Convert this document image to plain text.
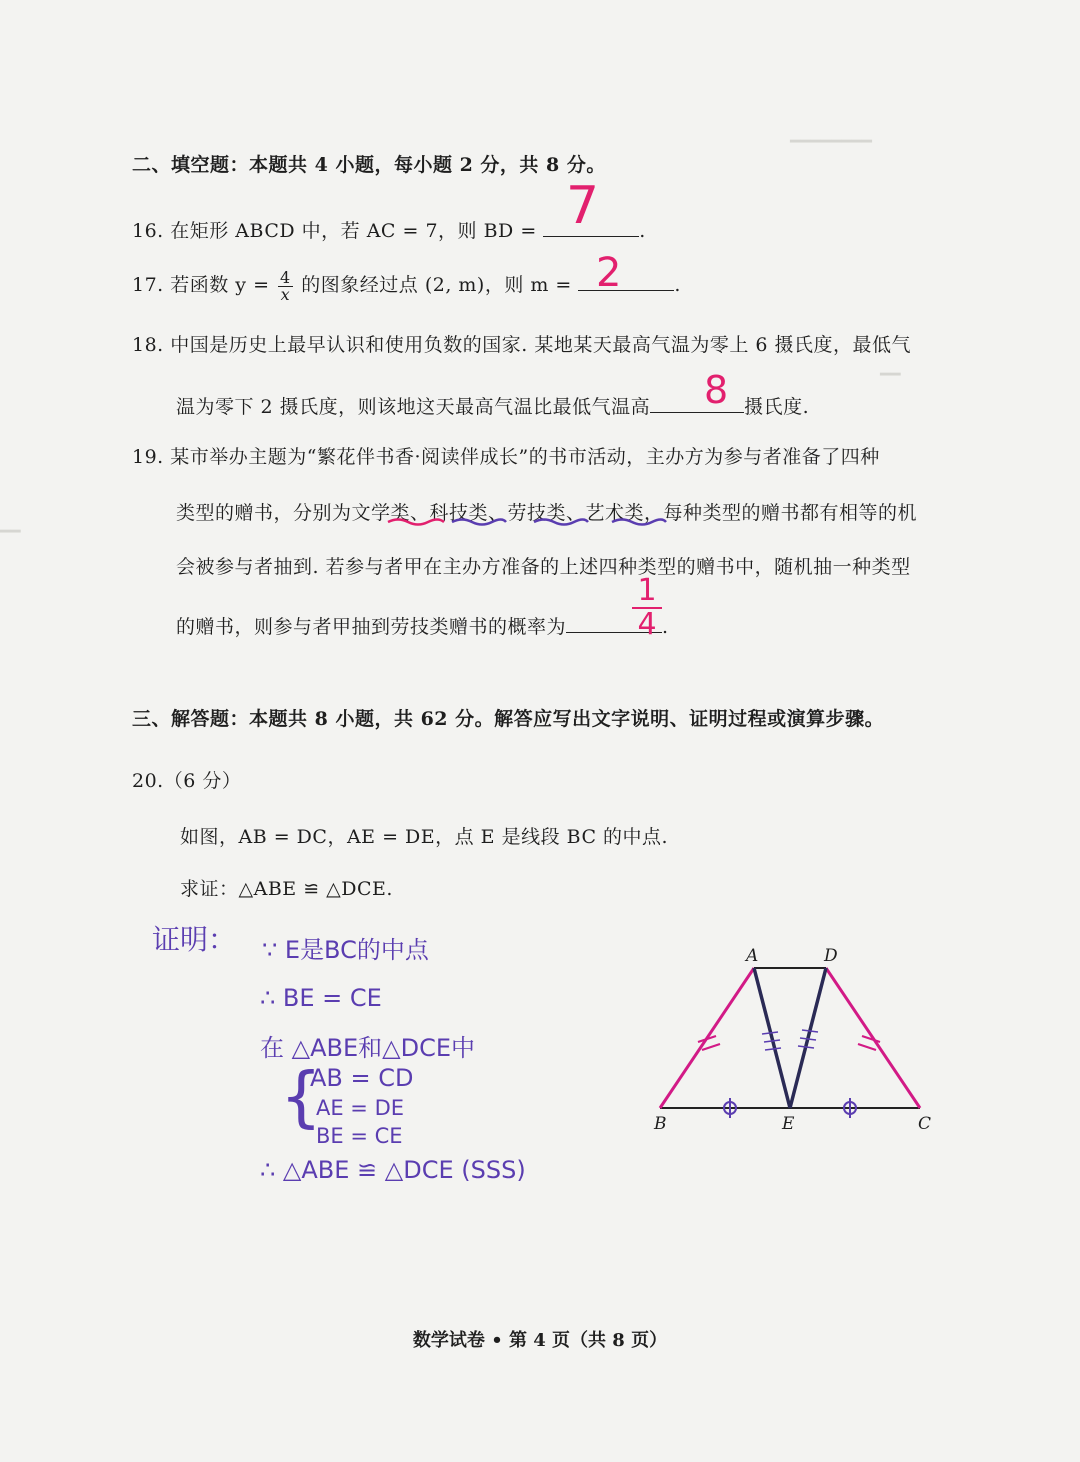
━━━━━━━━
━━
━━
二、填空题：本题共 4 小题，每小题 2 分，共 8 分。
16. 在矩形 ABCD 中，若 AC = 7，则 BD =	.
7
17. 若函数 $y = \frac{4}{x}$ 的图象经过点 (2, m)，则 m =	.
2
18. 中国是历史上最早认识和使用负数的国家. 某地某天最高气温为零上 6 摄氏度，最低气
温为零下 2 摄氏度，则该地这天最高气温比最低气温高	摄氏度.
8
19. 某市举办主题为“繁花伴书香·阅读伴成长”的书市活动，主办方为参与者准备了四种
类型的赠书，分别为文学类、科技类、劳技类、艺术类，每种类型的赠书都有相等的机
会被参与者抽到. 若参与者甲在主办方准备的上述四种类型的赠书中，随机抽一种类型
的赠书，则参与者甲抽到劳技类赠书的概率为	.
1
4
三、解答题：本题共 8 小题，共 62 分。解答应写出文字说明、证明过程或演算步骤。
20.（6 分）
如图，AB = DC，AE = DE，点 E 是线段 BC 的中点.
求证：△ABE ≌ △DCE.
证明： ∵ E是BC的中点
∴ BE = CE
在 △ABE和△DCE中
{
AB = CD
AE = DE
BE = CE
∴ △ABE ≌ △DCE (SSS)
A	D
B	E	C
数学试卷 • 第 4 页（共 8 页）
